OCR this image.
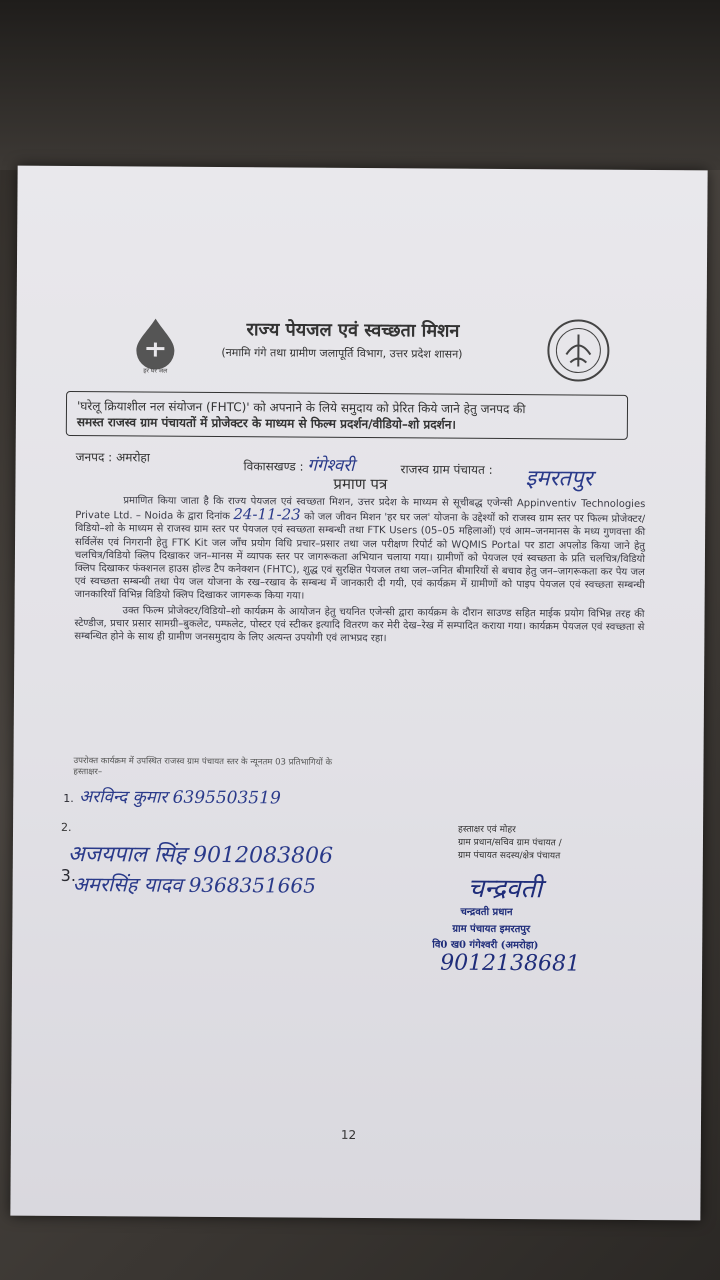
हर घर जल
राज्य पेयजल एवं स्वच्छता मिशन
(नमामि गंगे तथा ग्रामीण जलापूर्ति विभाग, उत्तर प्रदेश शासन)
'घरेलू क्रियाशील नल संयोजन (FHTC)' को अपनाने के लिये समुदाय को प्रेरित किये जाने हेतु जनपद की
समस्त राजस्व ग्राम पंचायतों में प्रोजेक्टर के माध्यम से फिल्म प्रदर्शन/वीडियो–शो प्रदर्शन।
जनपद : अमरोहा
विकासखण्ड : गंगेश्वरी	राजस्व ग्राम पंचायत : इमरतपुर
प्रमाण पत्र

प्रमाणित किया जाता है कि राज्य पेयजल एवं स्वच्छता मिशन, उत्तर प्रदेश के माध्यम से सूचीबद्ध एजेन्सी Appinventiv Technologies Private Ltd. – Noida के द्वारा दिनांक 24-11-23 को जल जीवन मिशन 'हर घर जल' योजना के उद्देश्यों को राजस्व ग्राम स्तर पर फिल्म प्रोजेक्टर/विडियो–शो के माध्यम से राजस्व ग्राम स्तर पर पेयजल एवं स्वच्छता सम्बन्धी तथा FTK Users (05–05 महिलाओं) एवं आम–जनमानस के मध्य गुणवत्ता की सर्विलेंस एवं निगरानी हेतु FTK Kit जल जाँच प्रयोग विधि प्रचार–प्रसार तथा जल परीक्षण रिपोर्ट को WQMIS Portal पर डाटा अपलोड किया जाने हेतु चलचित्र/विडियो क्लिप दिखाकर जन–मानस में व्यापक स्तर पर जागरूकता अभियान चलाया गया। ग्रामीणों को पेयजल एवं स्वच्छता के प्रति चलचित्र/विडियो क्लिप दिखाकर फंक्शनल हाउस होल्ड टैप कनेक्शन (FHTC), शुद्ध एवं सुरक्षित पेयजल तथा जल–जनित बीमारियों से बचाव हेतु जन–जागरूकता कर पेय जल एवं स्वच्छता सम्बन्धी तथा पेय जल योजना के रख–रखाव के सम्बन्ध में जानकारी दी गयी, एवं कार्यक्रम में ग्रामीणों को पाइप पेयजल एवं स्वच्छता सम्बन्धी जानकारियाँ विभिन्न विडियो क्लिप दिखाकर जागरूक किया गया।

उक्त फिल्म प्रोजेक्टर/विडियो–शो कार्यक्रम के आयोजन हेतु चयनित एजेन्सी द्वारा कार्यक्रम के दौरान साउण्ड सहित माईक प्रयोग विभिन्न तरह की स्टेण्डीज, प्रचार प्रसार सामग्री–बुकलेट, पम्फलेट, पोस्टर एवं स्टीकर इत्यादि वितरण कर मेरी देख–रेख में सम्पादित कराया गया। कार्यक्रम पेयजल एवं स्वच्छता से सम्बन्धित होने के साथ ही ग्रामीण जनसमुदाय के लिए अत्यन्त उपयोगी एवं लाभप्रद रहा।

उपरोक्त कार्यक्रम में उपस्थित राजस्व ग्राम पंचायत स्तर के न्यूनतम 03 प्रतिभागियों के
हस्ताक्षर–
1. अरविन्द कुमार 6395503519
2.
अजयपाल सिंह 9012083806
3.
अमरसिंह यादव 9368351665
हस्ताक्षर एवं मोहर
ग्राम प्रधान/सचिव ग्राम पंचायत /
ग्राम पंचायत सदस्य/क्षेत्र पंचायत
चन्द्रवती
चन्द्रवती प्रधान
ग्राम पंचायत इमरतपुर
वि0 ख0 गंगेश्वरी (अमरोहा)
9012138681
12
